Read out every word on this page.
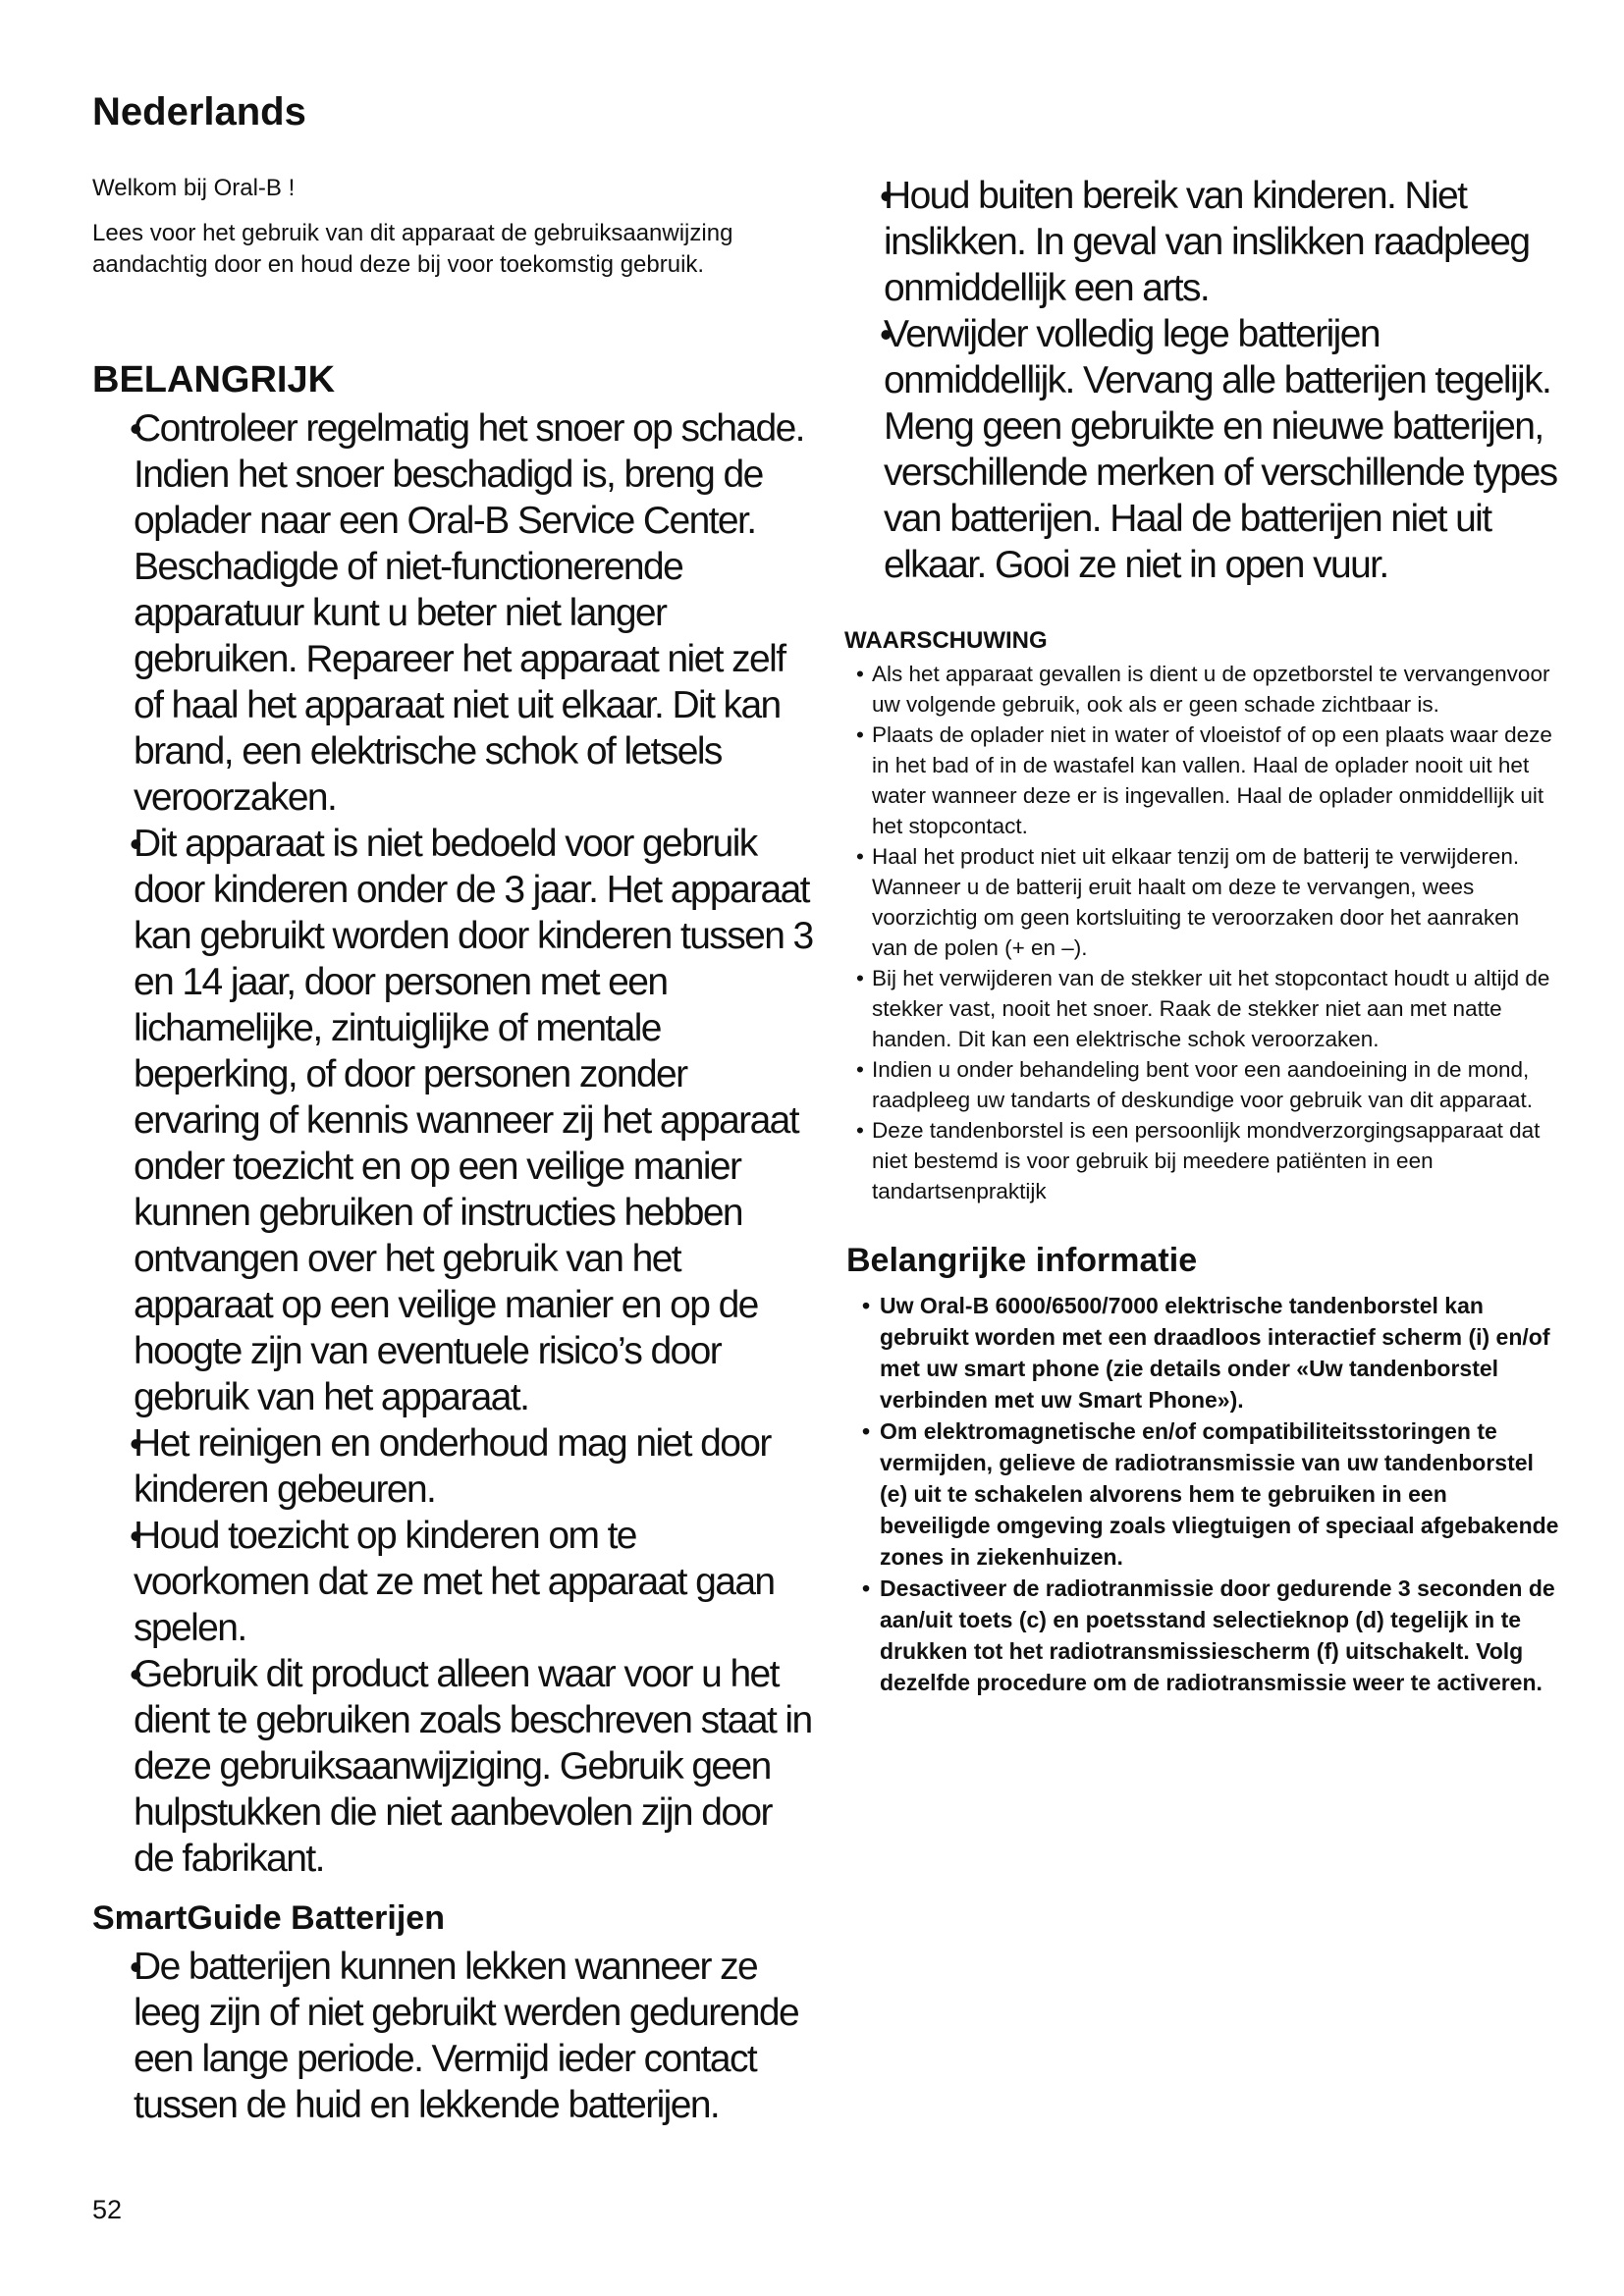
Nederlands

Welkom bij Oral-B !

Lees voor het gebruik van dit apparaat de gebruiksaanwijzing aandachtig door en houd deze bij voor toekomstig gebruik.

BELANGRIJK
• Controleer regelmatig het snoer op schade. Indien het snoer beschadigd is, breng de oplader naar een Oral-B Service Center. Beschadigde of niet-functionerende apparatuur kunt u beter niet langer gebruiken. Repareer het apparaat niet zelf of haal het apparaat niet uit elkaar. Dit kan brand, een elektrische schok of letsels veroorzaken.
• Dit apparaat is niet bedoeld voor gebruik door kinderen onder de 3 jaar. Het apparaat kan gebruikt worden door kinderen tussen 3 en 14 jaar, door personen met een lichamelijke, zintuiglijke of mentale beperking, of door personen zonder ervaring of kennis wanneer zij het apparaat onder toezicht en op een veilige manier kunnen gebruiken of instructies hebben ontvangen over het gebruik van het apparaat op een veilige manier en op de hoogte zijn van eventuele risico’s door gebruik van het apparaat.
• Het reinigen en onderhoud mag niet door kinderen gebeuren.
• Houd toezicht op kinderen om te voorkomen dat ze met het apparaat gaan spelen.
• Gebruik dit product alleen waar voor u het dient te gebruiken zoals beschreven staat in deze gebruiksaanwijziging. Gebruik geen hulpstukken die niet aanbevolen zijn door de fabrikant.
SmartGuide Batterijen
• De batterijen kunnen lekken wanneer ze leeg zijn of niet gebruikt werden gedurende een lange periode. Vermijd ieder contact tussen de huid en lekkende batterijen.
• Houd buiten bereik van kinderen. Niet inslikken. In geval van inslikken raadpleeg onmiddellijk een arts.
• Verwijder volledig lege batterijen onmiddellijk. Vervang alle batterijen tegelijk. Meng geen gebruikte en nieuwe batterijen, verschillende merken of verschillende types van batterijen. Haal de batterijen niet uit elkaar. Gooi ze niet in open vuur.
WAARSCHUWING
• Als het apparaat gevallen is dient u de opzetborstel te vervangenvoor uw volgende gebruik, ook als er geen schade zichtbaar is.
• Plaats de oplader niet in water of vloeistof of op een plaats waar deze in het bad of in de wastafel kan vallen. Haal de oplader nooit uit het water wanneer deze er is ingevallen. Haal de oplader onmiddellijk uit het stopcontact.
• Haal het product niet uit elkaar tenzij om de batterij te verwijderen. Wanneer u de batterij eruit haalt om deze te vervangen, wees voorzichtig om geen kortsluiting te veroorzaken door het aanraken van de polen (+ en –).
• Bij het verwijderen van de stekker uit het stopcontact houdt u altijd de stekker vast, nooit het snoer. Raak de stekker niet aan met natte handen. Dit kan een elektrische schok veroorzaken.
• Indien u onder behandeling bent voor een aandoeining in de mond, raadpleeg uw tandarts of deskundige voor gebruik van dit apparaat.
• Deze tandenborstel is een persoonlijk mondverzorgingsapparaat dat niet bestemd is voor gebruik bij meedere patiënten in een tandartsenpraktijk
Belangrijke informatie
• Uw Oral-B 6000/6500/7000 elektrische tandenborstel kan gebruikt worden met een draadloos interactief scherm (i) en/of met uw smart phone (zie details onder «Uw tandenborstel verbinden met uw Smart Phone»).
• Om elektromagnetische en/of compatibiliteitsstoringen te vermijden, gelieve de radiotransmissie van uw tandenborstel (e) uit te schakelen alvorens hem te gebruiken in een beveiligde omgeving zoals vliegtuigen of speciaal afgebakende zones in ziekenhuizen.
• Desactiveer de radiotranmissie door gedurende 3 seconden de aan/uit toets (c) en poetsstand selectieknop (d) tegelijk in te drukken tot het radiotransmissiescherm (f) uitschakelt. Volg dezelfde procedure om de radiotransmissie weer te activeren.
52
